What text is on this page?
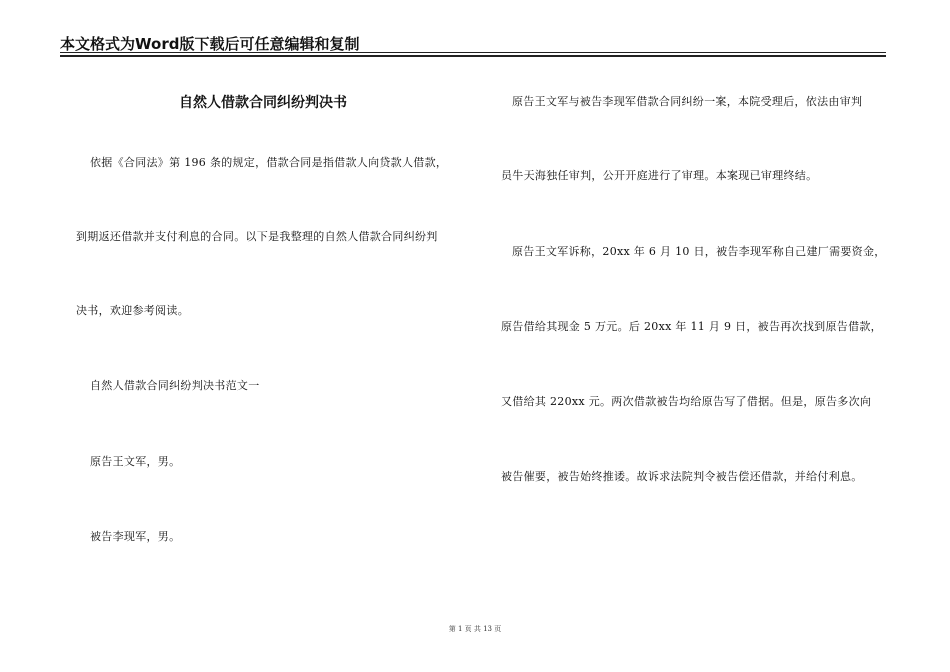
本文格式为Word版下载后可任意编辑和复制
自然人借款合同纠纷判决书
依据《合同法》第 196 条的规定，借款合同是指借款人向贷款人借款，
到期返还借款并支付利息的合同。以下是我整理的自然人借款合同纠纷判
决书，欢迎参考阅读。
自然人借款合同纠纷判决书范文一
原告王文军，男。
被告李现军，男。
原告王文军与被告李现军借款合同纠纷一案，本院受理后，依法由审判
员牛天海独任审判，公开开庭进行了审理。本案现已审理终结。
原告王文军诉称，20xx 年 6 月 10 日，被告李现军称自己建厂需要资金，
原告借给其现金 5 万元。后 20xx 年 11 月 9 日，被告再次找到原告借款，
又借给其 220xx 元。两次借款被告均给原告写了借据。但是，原告多次向
被告催要，被告始终推诿。故诉求法院判令被告偿还借款，并给付利息。
第 1 页 共 13 页
